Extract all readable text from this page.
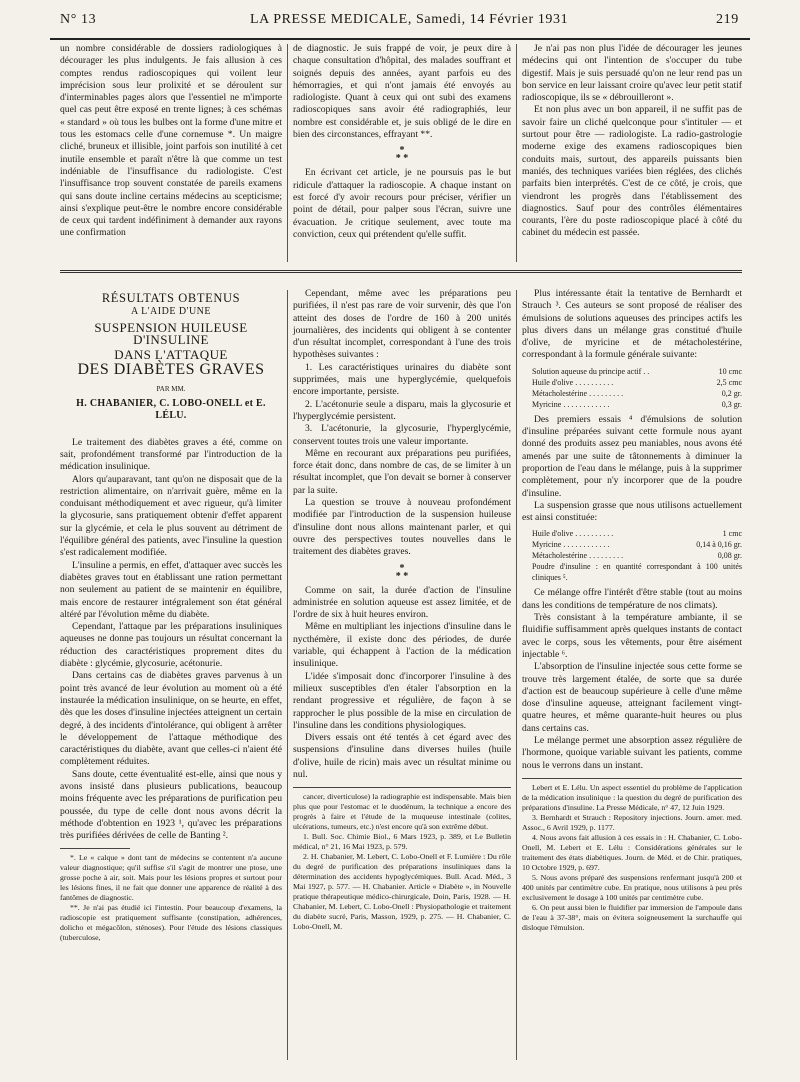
N° 13	LA PRESSE MEDICALE, Samedi, 14 Février 1931	219

un nombre considérable de dossiers radiologiques à décourager les plus indulgents. Je fais allusion à ces comptes rendus radioscopiques qui voilent leur imprécision sous leur prolixité et se déroulent sur d'interminables pages alors que l'essentiel ne m'importe quel cas peut être exposé en trente lignes; à ces schémas « standard » où tous les bulbes ont la forme d'une mitre et tous les estomacs celle d'une cornemuse *. Un maigre cliché, bruneux et illisible, joint parfois son inutilité à cet inutile ensemble et paraît n'être là que comme un test indéniable de l'insuffisance du radiologiste. C'est l'insuffisance trop souvent constatée de pareils examens qui sans doute incline certains médecins au scepticisme; ainsi s'explique peut-être le nombre encore considérable de ceux qui tardent indéfiniment à demander aux rayons une confirmation

de diagnostic. Je suis frappé de voir, je peux dire à chaque consultation d'hôpital, des malades souffrant et soignés depuis des années, ayant parfois eu des hémorragies, et qui n'ont jamais été envoyés au radiologiste. Quant à ceux qui ont subi des examens radioscopiques sans avoir été radiographiés, leur nombre est considérable et, je suis obligé de le dire en bien des circonstances, effrayant **.

*
* *

En écrivant cet article, je ne poursuis pas le but ridicule d'attaquer la radioscopie. A chaque instant on est forcé d'y avoir recours pour préciser, vérifier un point de détail, pour palper sous l'écran, suivre une évacuation. Je critique seulement, avec toute ma conviction, ceux qui prétendent qu'elle suffit.

Je n'ai pas non plus l'idée de décourager les jeunes médecins qui ont l'intention de s'occuper du tube digestif. Mais je suis persuadé qu'on ne leur rend pas un bon service en leur laissant croire qu'avec leur petit statif radioscopique, ils se « débrouilleront ».

Et non plus avec un bon appareil, il ne suffit pas de savoir faire un cliché quelconque pour s'intituler — et surtout pour être — radiologiste. La radio-gastrologie moderne exige des examens radioscopiques bien conduits mais, surtout, des appareils puissants bien maniés, des techniques variées bien réglées, des clichés parfaits bien interprétés. C'est de ce côté, je crois, que viendront les progrès dans l'établissement des diagnostics. Sauf pour des contrôles élémentaires courants, l'ère du poste radioscopique placé à côté du cabinet du médecin est passée.

RÉSULTATS OBTENUS
A L'AIDE D'UNE
SUSPENSION HUILEUSE D'INSULINE
DANS L'ATTAQUE
DES DIABÈTES GRAVES
PAR MM.
H. CHABANIER, C. LOBO-ONELL et E. LÉLU.

Le traitement des diabètes graves a été, comme on sait, profondément transformé par l'introduction de la médication insulinique.

Alors qu'auparavant, tant qu'on ne disposait que de la restriction alimentaire, on n'arrivait guère, même en la conduisant méthodiquement et avec rigueur, qu'à limiter la glycosurie, sans pratiquement obtenir d'effet apparent sur la glycémie, et cela le plus souvent au détriment de l'équilibre général des patients, avec l'insuline la question s'est radicalement modifiée.

L'insuline a permis, en effet, d'attaquer avec succès les diabètes graves tout en établissant une ration permettant non seulement au patient de se maintenir en équilibre, mais encore de restaurer intégralement son état général altéré par l'évolution même du diabète.

Cependant, l'attaque par les préparations insuliniques aqueuses ne donne pas toujours un résultat concernant la réduction des caractéristiques proprement dites du diabète : glycémie, glycosurie, acétonurie.

Dans certains cas de diabètes graves parvenus à un point très avancé de leur évolution au moment où a été instaurée la médication insulinique, on se heurte, en effet, dès que les doses d'insuline injectées atteignent un certain degré, à des incidents d'intolérance, qui obligent à arrêter le développement de l'attaque méthodique des caractéristiques du diabète, avant que celles-ci n'aient été complètement réduites.

Sans doute, cette éventualité est-elle, ainsi que nous y avons insisté dans plusieurs publications, beaucoup moins fréquente avec les préparations de purification peu poussée, du type de celle dont nous avons décrit la méthode d'obtention en 1923 ¹, qu'avec les préparations très purifiées dérivées de celle de Banting ².

*. Le « calque » dont tant de médecins se contentent n'a aucune valeur diagnostique; qu'il suffise s'il s'agit de montrer une ptose, une grosse poche à air, soit. Mais pour les lésions propres et surtout pour les lésions fines, il ne fait que donner une apparence de réalité à des fantômes de diagnostic.

**. Je n'ai pas étudié ici l'intestin. Pour beaucoup d'examens, la radioscopie est pratiquement suffisante (constipation, adhérences, dolicho et mégacôlon, sténoses). Pour l'étude des lésions classiques (tuberculose,

Cependant, même avec les préparations peu purifiées, il n'est pas rare de voir survenir, dès que l'on atteint des doses de l'ordre de 160 à 200 unités journalières, des incidents qui obligent à se contenter d'un résultat incomplet, correspondant à l'une des trois hypothèses suivantes :

1. Les caractéristiques urinaires du diabète sont supprimées, mais une hyperglycémie, quelquefois encore importante, persiste.

2. L'acétonurie seule a disparu, mais la glycosurie et l'hyperglycémie persistent.

3. L'acétonurie, la glycosurie, l'hyperglycémie, conservent toutes trois une valeur importante.

Même en recourant aux préparations peu purifiées, force était donc, dans nombre de cas, de se limiter à un résultat incomplet, que l'on devait se borner à conserver par la suite.

La question se trouve à nouveau profondément modifiée par l'introduction de la suspension huileuse d'insuline dont nous allons maintenant parler, et qui ouvre des perspectives toutes nouvelles dans le traitement des diabètes graves.

*
* *

Comme on sait, la durée d'action de l'insuline administrée en solution aqueuse est assez limitée, et de l'ordre de six à huit heures environ.

Même en multipliant les injections d'insuline dans le nycthémère, il existe donc des périodes, de durée variable, qui échappent à l'action de la médication insulinique.

L'idée s'imposait donc d'incorporer l'insuline à des milieux susceptibles d'en étaler l'absorption en la rendant progressive et régulière, de façon à se rapprocher le plus possible de la mise en circulation de l'insuline dans les conditions physiologiques.

Divers essais ont été tentés à cet égard avec des suspensions d'insuline dans diverses huiles (huile d'olive, huile de ricin) mais avec un résultat minime ou nul.

cancer, diverticulose) la radiographie est indispensable. Mais bien plus que pour l'estomac et le duodénum, la technique a encore des progrès à faire et l'étude de la muqueuse intestinale (colites, ulcérations, tumeurs, etc.) n'est encore qu'à son extrême début.

1. Bull. Soc. Chimie Biol., 6 Mars 1923, p. 389, et Le Bulletin médical, n° 21, 16 Mai 1923, p. 579.

2. H. Chabanier, M. Lebert, C. Lobo-Onell et F. Lumière : Du rôle du degré de purification des préparations insuliniques dans la détermination des accidents hypoglycémiques. Bull. Acad. Méd., 3 Mai 1927, p. 577. — H. Chabanier. Article « Diabète », in Nouvelle pratique thérapeutique médico-chirurgicale, Doin, Paris, 1928. — H. Chabanier, M. Lebert, C. Lobo-Onell : Physiopathologie et traitement du diabète sucré, Paris, Masson, 1929, p. 275. — H. Chabanier, C. Lobo-Onell, M.

Plus intéressante était la tentative de Bernhardt et Strauch ³. Ces auteurs se sont proposé de réaliser des émulsions de solutions aqueuses des principes actifs les plus divers dans un mélange gras constitué d'huile d'olive, de myricine et de métacholestérine, correspondant à la formule générale suivante:

Solution aqueuse du principe actif . .	10 cmc
Huile d'olive . . . . . . . . . .	2,5 cmc
Métacholestérine . . . . . . . . .	0,2 gr.
Myricine . . . . . . . . . . . .	0,3 gr.

Des premiers essais ⁴ d'émulsions de solution d'insuline préparées suivant cette formule nous ayant donné des produits assez peu maniables, nous avons été amenés par une suite de tâtonnements à diminuer la proportion de l'eau dans le mélange, puis à la supprimer complètement, pour n'y incorporer que de la poudre d'insuline.

La suspension grasse que nous utilisons actuellement est ainsi constituée:

Huile d'olive . . . . . . . . . .	1 cmc
Myricine . . . . . . . . . . . .	0,14 à 0,16 gr.
Métacholestérine . . . . . . . . .	0,08 gr.
Poudre d'insuline : en quantité correspondant à 100 unités cliniques ⁵.

Ce mélange offre l'intérêt d'être stable (tout au moins dans les conditions de température de nos climats).

Très consistant à la température ambiante, il se fluidifie suffisamment après quelques instants de contact avec le corps, sous les vêtements, pour être aisément injectable ⁶.

L'absorption de l'insuline injectée sous cette forme se trouve très largement étalée, de sorte que sa durée d'action est de beaucoup supérieure à celle d'une même dose d'insuline aqueuse, atteignant facilement vingt-quatre heures, et même quarante-huit heures ou plus dans certains cas.

Le mélange permet une absorption assez régulière de l'hormone, quoique variable suivant les patients, comme nous le verrons dans un instant.

Lebert et E. Lélu. Un aspect essentiel du problème de l'application de la médication insulinique : la question du degré de purification des préparations d'insuline. La Presse Médicale, n° 47, 12 Juin 1929.

3. Bernhardt et Strauch : Repository injections. Journ. amer. med. Assoc., 6 Avril 1929, p. 1177.

4. Nous avons fait allusion à ces essais in : H. Chabanier, C. Lobo-Onell, M. Lebert et E. Lélu : Considérations générales sur le traitement des états diabétiques. Journ. de Méd. et de Chir. pratiques, 10 Octobre 1929, p. 697.

5. Nous avons préparé des suspensions renfermant jusqu'à 200 et 400 unités par centimètre cube. En pratique, nous utilisons à peu près exclusivement le dosage à 100 unités par centimètre cube.

6. On peut aussi bien le fluidifier par immersion de l'ampoule dans de l'eau à 37-38°, mais on évitera soigneusement la surchauffe qui disloque l'émulsion.
